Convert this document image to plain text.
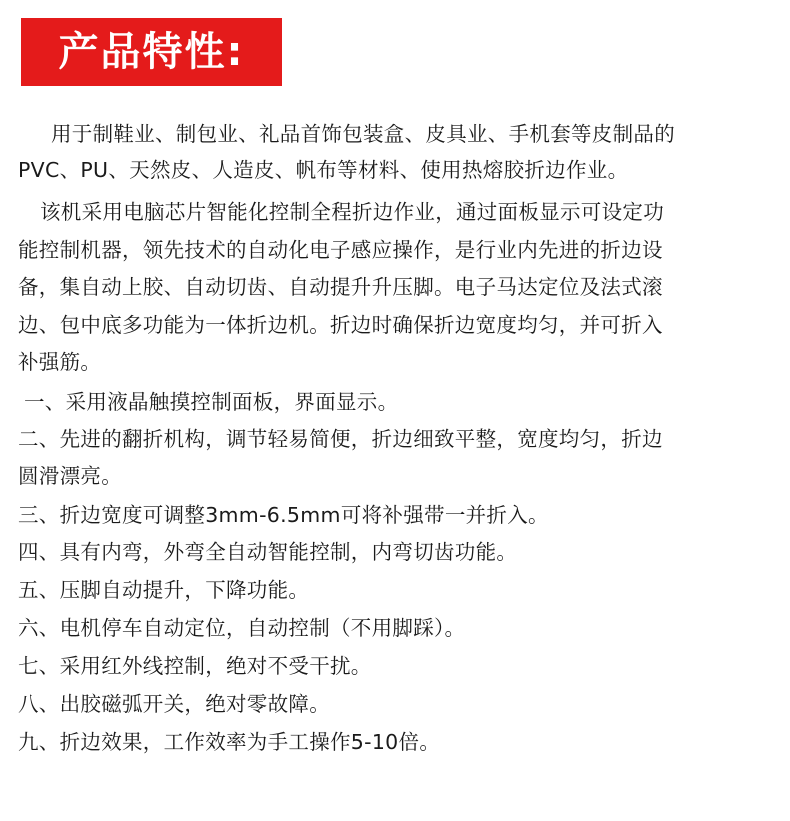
产品特性:
用于制鞋业、制包业、礼品首饰包装盒、皮具业、手机套等皮制品的
PVC、PU、天然皮、人造皮、帆布等材料、使用热熔胶折边作业。
该机采用电脑芯片智能化控制全程折边作业，通过面板显示可设定功
能控制机器，领先技术的自动化电子感应操作，是行业内先进的折边设
备，集自动上胶、自动切齿、自动提升升压脚。电子马达定位及法式滚
边、包中底多功能为一体折边机。折边时确保折边宽度均匀，并可折入
补强筋。
一、采用液晶触摸控制面板，界面显示。
二、先进的翻折机构，调节轻易简便，折边细致平整，宽度均匀，折边
圆滑漂亮。
三、折边宽度可调整3mm-6.5mm可将补强带一并折入。
四、具有内弯，外弯全自动智能控制，内弯切齿功能。
五、压脚自动提升，下降功能。
六、电机停车自动定位，自动控制（不用脚踩）。
七、采用红外线控制，绝对不受干扰。
八、出胶磁弧开关，绝对零故障。
九、折边效果，工作效率为手工操作5-10倍。
